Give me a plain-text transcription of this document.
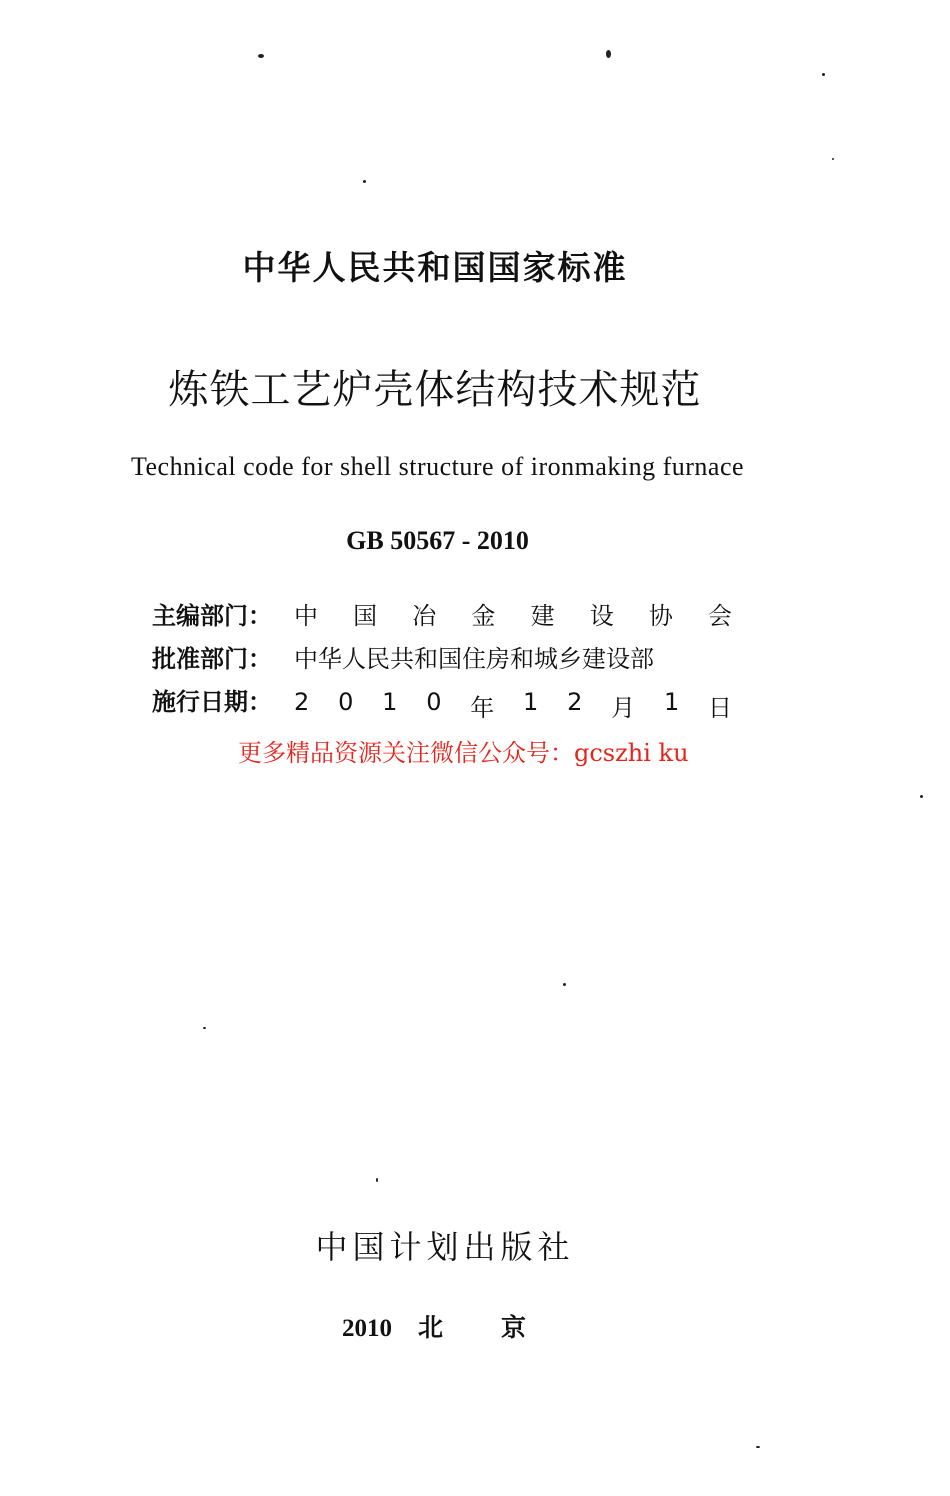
中华人民共和国国家标准
炼铁工艺炉壳体结构技术规范
Technical code for shell structure of ironmaking furnace
GB 50567 - 2010
主编部门： 中 国 冶 金 建 设 协 会
批准部门： 中华人民共和国住房和城乡建设部
施行日期： 2 0 1 0 年 1 2 月 1 日
更多精品资源关注微信公众号：gcszhi ku
中国计划出版社
2010 北京
